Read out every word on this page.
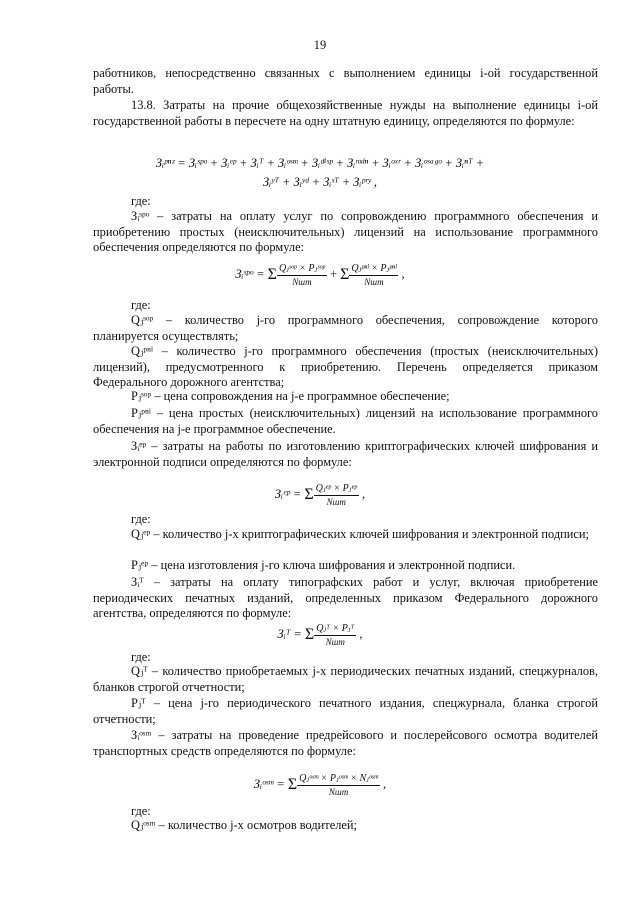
19
работников, непосредственно связанных с выполнением единицы i-ой государственной работы.
13.8. Затраты на прочие общехозяйственные нужды на выполнение единицы i-ой государственной работы в пересчете на одну штатную единицу, определяются по формуле:
Зᵢᵖⁿᶻ = Зᵢˢᵖᵒ + Зᵢᵉᵖ + Зᵢᵀ + Зᵢᵒˢᵐ + Зᵢᵈⁱˢᵖ + Зᵢᵐᵈⁿ + Зᵢᵒˣʳ + Зᵢᵒˢᵃᵍᵒ + Зᵢⁿᵀ +
Зᵢʸᵀ + Зᵢʸᵈ + Зᵢˢᵀ + Зᵢᵖʳʸ ,
где:
Зᵢˢᵖᵒ – затраты на оплату услуг по сопровождению программного обеспечения и приобретению простых (неисключительных) лицензий на использование программного обеспечения определяются по формуле:
Зᵢˢᵖᵒ = Σ $\frac{\text{Qⱼˢᵒᵖ × Pⱼˢᵒᵖ}}{\text{Nшт}} + \Sigma \frac{\text{Qⱼᵖⁿˡ × Pⱼᵖⁿˡ}}{\text{Nшт}}$ ,
где:
Qⱼˢᵒᵖ – количество j-го программного обеспечения, сопровождение которого планируется осуществлять;
Qⱼᵖⁿˡ – количество j-го программного обеспечения (простых (неисключительных) лицензий), предусмотренного к приобретению. Перечень определяется приказом Федерального дорожного агентства;
Pⱼˢᵒᵖ – цена сопровождения на j-е программное обеспечение;
Pⱼᵖⁿˡ – цена простых (неисключительных) лицензий на использование программного обеспечения на j-е программное обеспечение.
Зᵢᵉᵖ – затраты на работы по изготовлению криптографических ключей шифрования и электронной подписи определяются по формуле:
Зᵢᵉᵖ = Σ $\frac{\text{Qⱼᵉᵖ × Pⱼᵉᵖ}}{\text{Nшт}}$ ,
где:
Qⱼᵉᵖ – количество j-х криптографических ключей шифрования и электронной подписи;
Pⱼᵉᵖ – цена изготовления j-го ключа шифрования и электронной подписи.
Зᵢᵀ – затраты на оплату типографских работ и услуг, включая приобретение периодических печатных изданий, определенных приказом Федерального дорожного агентства, определяются по формуле:
Зᵢᵀ = Σ $\frac{\text{Qⱼᵀ × Pⱼᵀ}}{\text{Nшт}}$ ,
где:
Qⱼᵀ – количество приобретаемых j-х периодических печатных изданий, спецжурналов, бланков строгой отчетности;
Pⱼᵀ – цена j-го периодического печатного издания, спецжурнала, бланка строгой отчетности;
Зᵢᵒˢᵐ – затраты на проведение предрейсового и послерейсового осмотра водителей транспортных средств определяются по формуле:
Зᵢᵒˢᵐ = Σ $\frac{\text{Qⱼᵒˢᵐ × Pⱼᵒˢᵐ × Nⱼᵒˢᵐ}}{\text{Nшт}}$ ,
где:
Qⱼᵒˢᵐ – количество j-х осмотров водителей;
